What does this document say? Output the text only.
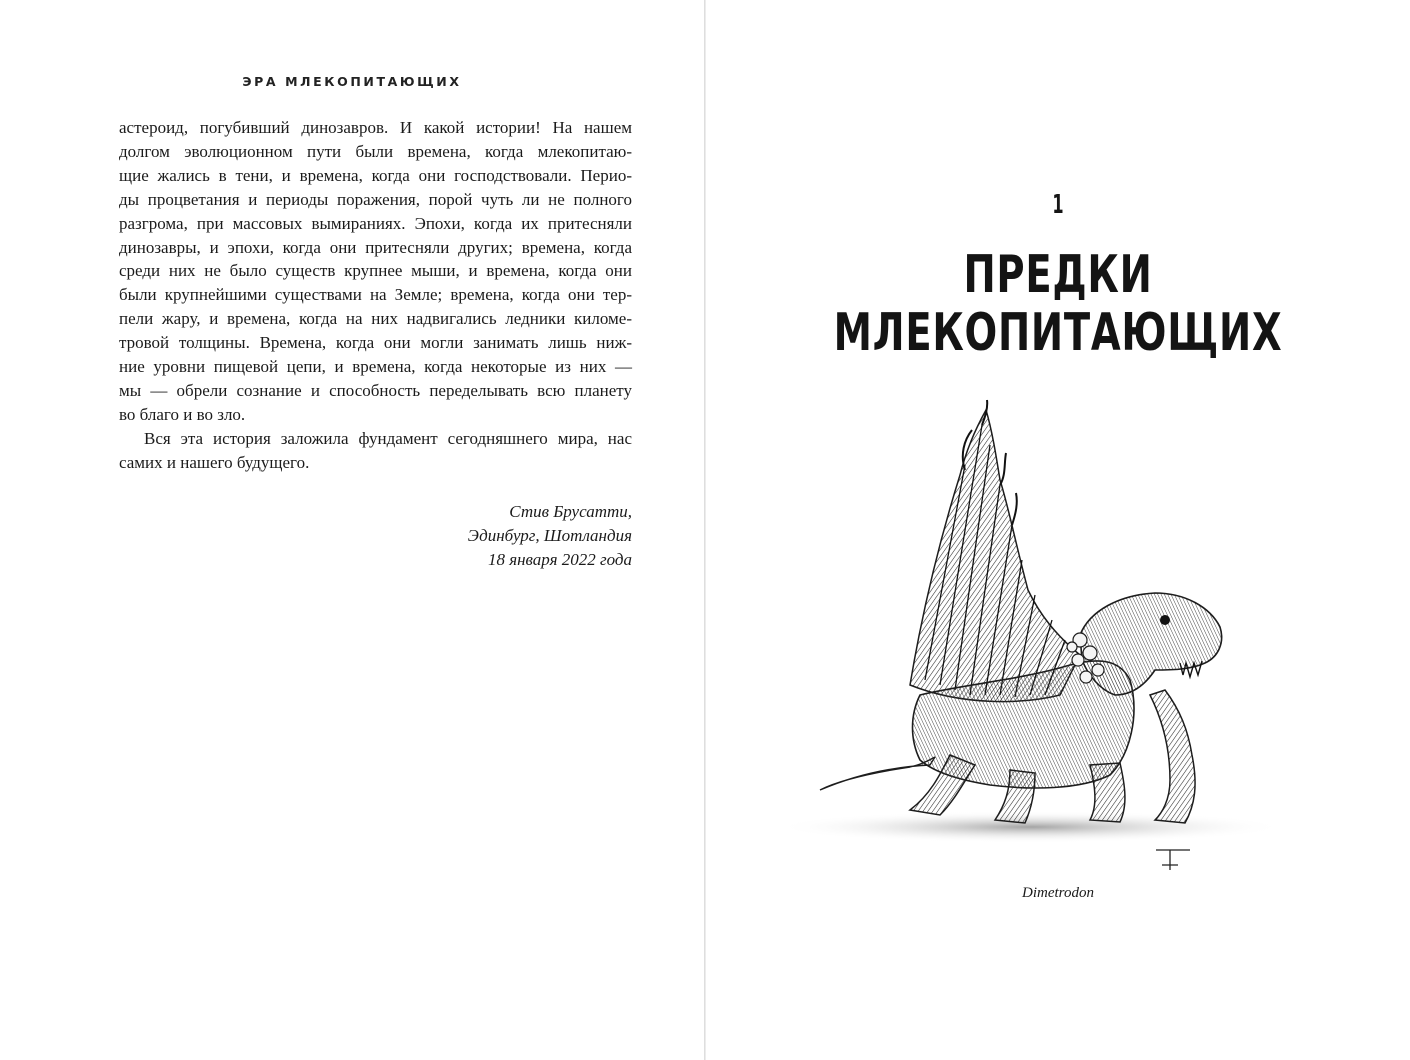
ЭРА МЛЕКОПИТАЮЩИХ

астероид, погубивший динозавров. И какой истории! На нашем
долгом эволюционном пути были времена, когда млекопитаю-
щие жались в тени, и времена, когда они господствовали. Перио-
ды процветания и периоды поражения, порой чуть ли не полного
разгрома, при массовых вымираниях. Эпохи, когда их притесняли
динозавры, и эпохи, когда они притесняли других; времена, когда
среди них не было существ крупнее мыши, и времена, когда они
были крупнейшими существами на Земле; времена, когда они тер-
пели жару, и времена, когда на них надвигались ледники киломе-
тровой толщины. Времена, когда они могли занимать лишь ниж-
ние уровни пищевой цепи, и времена, когда некоторые из них —
мы — обрели сознание и способность переделывать всю планету
во благо и во зло.

Вся эта история заложила фундамент сегодняшнего мира, нас
самих и нашего будущего.

Стив Брусатти,
Эдинбург, Шотландия
18 января 2022 года
1
ПРЕДКИ
МЛЕКОПИТАЮЩИХ
Dimetrodon
